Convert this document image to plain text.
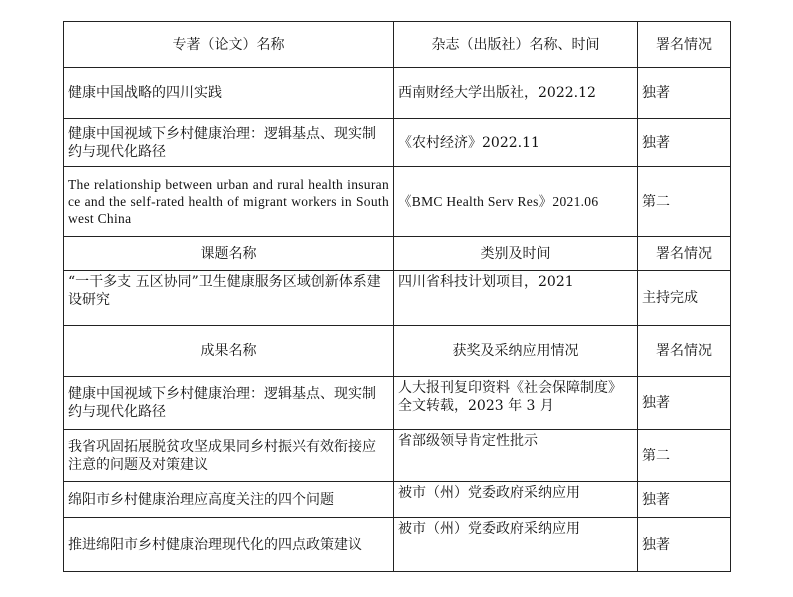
专著（论文）名称	杂志（出版社）名称、时间	署名情况
健康中国战略的四川实践	西南财经大学出版社，2022.12	独著
健康中国视域下乡村健康治理：逻辑基点、现实制约与现代化路径	《农村经济》2022.11	独著
The relationship between urban and rural health insurance and the self-rated health of migrant workers in Southwest China	《BMC Health Serv Res》2021.06	第二
课题名称	类别及时间	署名情况
“一干多支 五区协同”卫生健康服务区域创新体系建设研究	四川省科技计划项目，2021	主持完成
成果名称	获奖及采纳应用情况	署名情况
健康中国视域下乡村健康治理：逻辑基点、现实制约与现代化路径	人大报刊复印资料《社会保障制度》全文转载，2023 年 3 月	独著
我省巩固拓展脱贫攻坚成果同乡村振兴有效衔接应注意的问题及对策建议	省部级领导肯定性批示	第二
绵阳市乡村健康治理应高度关注的四个问题	被市（州）党委政府采纳应用	独著
推进绵阳市乡村健康治理现代化的四点政策建议	被市（州）党委政府采纳应用	独著
